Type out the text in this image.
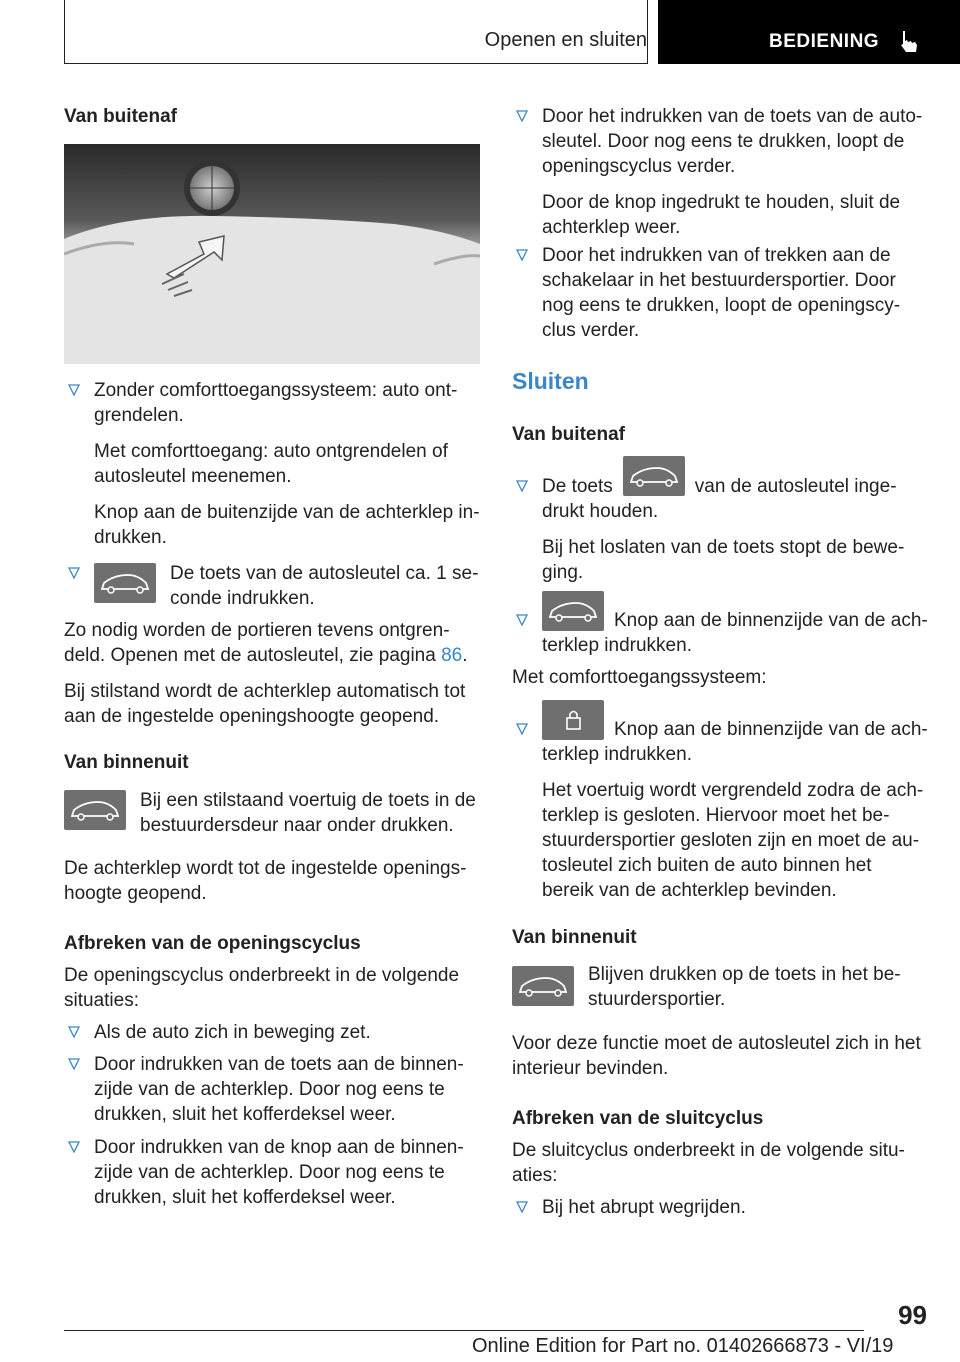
Openen en sluiten	BEDIENING
Van buitenaf
Zonder comforttoegangssysteem: auto ont-
grendelen.
Met comforttoegang: auto ontgrendelen of
autosleutel meenemen.
Knop aan de buitenzijde van de achterklep in-
drukken.
De toets van de autosleutel ca. 1 se-
conde indrukken.
Zo nodig worden de portieren tevens ontgren-
deld. Openen met de autosleutel, zie pagina 86.
Bij stilstand wordt de achterklep automatisch tot
aan de ingestelde openingshoogte geopend.
Van binnenuit
Bij een stilstaand voertuig de toets in de
bestuurdersdeur naar onder drukken.
De achterklep wordt tot de ingestelde openings-
hoogte geopend.
Afbreken van de openingscyclus
De openingscyclus onderbreekt in de volgende
situaties:
Als de auto zich in beweging zet.
Door indrukken van de toets aan de binnen-
zijde van de achterklep. Door nog eens te
drukken, sluit het kofferdeksel weer.
Door indrukken van de knop aan de binnen-
zijde van de achterklep. Door nog eens te
drukken, sluit het kofferdeksel weer.
Door het indrukken van de toets van de auto-
sleutel. Door nog eens te drukken, loopt de
openingscyclus verder.
Door de knop ingedrukt te houden, sluit de
achterklep weer.
Door het indrukken van of trekken aan de
schakelaar in het bestuurdersportier. Door
nog eens te drukken, loopt de openingscy-
clus verder.
Sluiten
Van buitenaf
De toets	van de autosleutel inge-
drukt houden.
Bij het loslaten van de toets stopt de bewe-
ging.
Knop aan de binnenzijde van de ach-
terklep indrukken.
Met comforttoegangssysteem:
Knop aan de binnenzijde van de ach-
terklep indrukken.
Het voertuig wordt vergrendeld zodra de ach-
terklep is gesloten. Hiervoor moet het be-
stuurdersportier gesloten zijn en moet de au-
tosleutel zich buiten de auto binnen het
bereik van de achterklep bevinden.
Van binnenuit
Blijven drukken op de toets in het be-
stuurdersportier.
Voor deze functie moet de autosleutel zich in het
interieur bevinden.
Afbreken van de sluitcyclus
De sluitcyclus onderbreekt in de volgende situ-
aties:
Bij het abrupt wegrijden.
99
Online Edition for Part no. 01402666873 - VI/19
